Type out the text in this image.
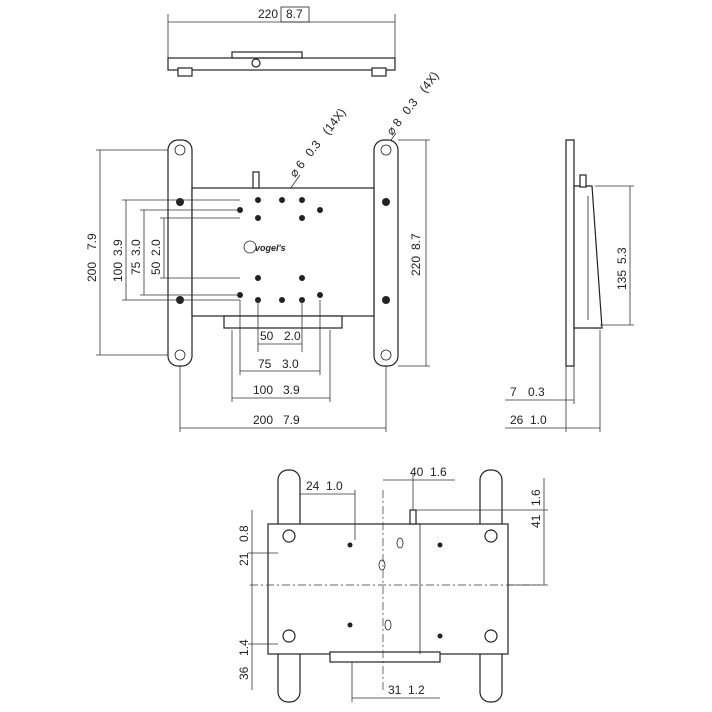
220 8.7
⌀ 6
0.3
(14X)	⌀ 8
0.3
(4X)
vogel's
200
7.9
100
3.9
75
3.0
50
2.0
220
8.7
50 2.0
75 3.0
100 3.9
200 7.9
135
5.3
7 0.3
26 1.0
24 1.0
40 1.6
41
1.6
21
0.8
36
1.4
31 1.2
